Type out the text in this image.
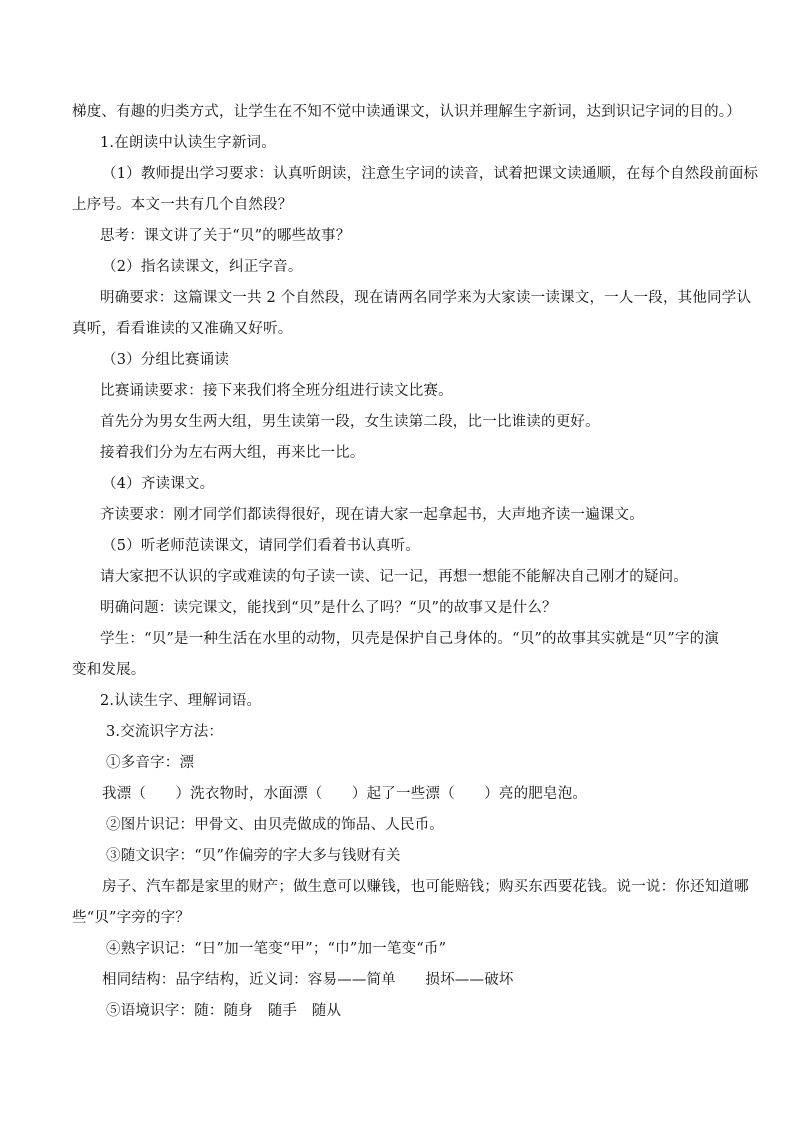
梯度、有趣的归类方式，让学生在不知不觉中读通课文，认识并理解生字新词，达到识记字词的目的。）
1.在朗读中认读生字新词。
（1）教师提出学习要求：认真听朗读，注意生字词的读音，试着把课文读通顺，在每个自然段前面标
上序号。本文一共有几个自然段？
思考：课文讲了关于“贝”的哪些故事？
（2）指名读课文，纠正字音。
明确要求：这篇课文一共 2 个自然段，现在请两名同学来为大家读一读课文，一人一段，其他同学认
真听，看看谁读的又准确又好听。
（3）分组比赛诵读
比赛诵读要求：接下来我们将全班分组进行读文比赛。
首先分为男女生两大组，男生读第一段，女生读第二段，比一比谁读的更好。
接着我们分为左右两大组，再来比一比。
（4）齐读课文。
齐读要求：刚才同学们都读得很好，现在请大家一起拿起书，大声地齐读一遍课文。
（5）听老师范读课文，请同学们看着书认真听。
请大家把不认识的字或难读的句子读一读、记一记，再想一想能不能解决自己刚才的疑问。
明确问题：读完课文，能找到“贝”是什么了吗？“贝”的故事又是什么？
学生：“贝”是一种生活在水里的动物，贝壳是保护自己身体的。“贝”的故事其实就是“贝”字的演
变和发展。
2.认读生字、理解词语。
3.交流识字方法：
①多音字：漂
我漂（　　）洗衣物时，水面漂（　　）起了一些漂（　　）亮的肥皂泡。
②图片识记：甲骨文、由贝壳做成的饰品、人民币。
③随文识字：“贝”作偏旁的字大多与钱财有关
房子、汽车都是家里的财产；做生意可以赚钱，也可能赔钱；购买东西要花钱。说一说：你还知道哪
些“贝”字旁的字？
④熟字识记：“日”加一笔变“甲”；“巾”加一笔变“币”
相同结构：品字结构，近义词：容易——简单　　损坏——破坏
⑤语境识字：随：随身　随手　随从
